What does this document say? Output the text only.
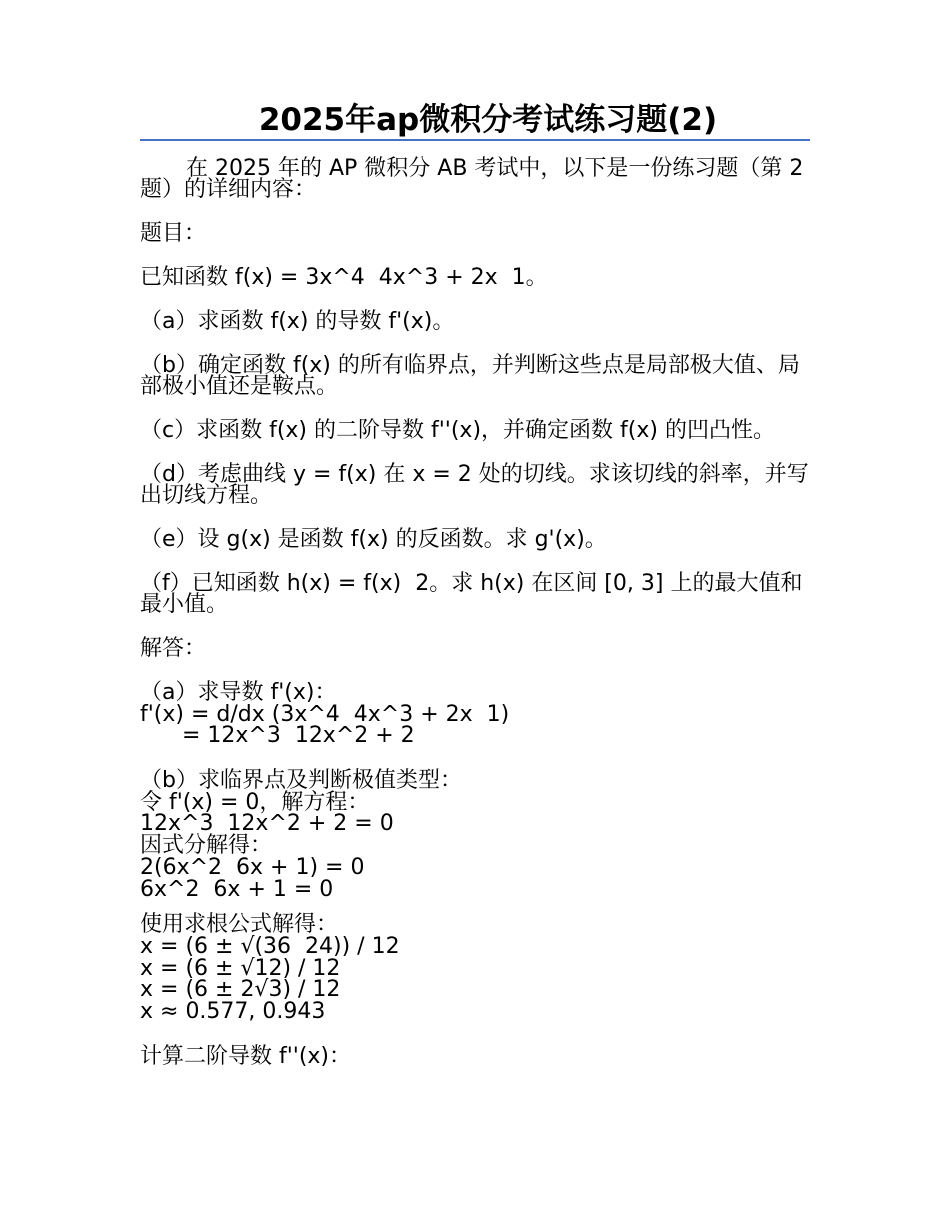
2025年ap微积分考试练习题(2)
在 2025 年的 AP 微积分 AB 考试中，以下是一份练习题（第 2 题）的详细内容：
题目：
已知函数 f(x) = 3x^4  4x^3 + 2x  1。
（a）求函数 f(x) 的导数 f'(x)。
（b）确定函数 f(x) 的所有临界点，并判断这些点是局部极大值、局部极小值还是鞍点。
（c）求函数 f(x) 的二阶导数 f''(x)，并确定函数 f(x) 的凹凸性。
（d）考虑曲线 y = f(x) 在 x = 2 处的切线。求该切线的斜率，并写出切线方程。
（e）设 g(x) 是函数 f(x) 的反函数。求 g'(x)。
（f）已知函数 h(x) = f(x)  2。求 h(x) 在区间 [0, 3] 上的最大值和最小值。
解答：
（a）求导数 f'(x)：
f'(x) = d/dx (3x^4  4x^3 + 2x  1)
= 12x^3  12x^2 + 2
（b）求临界点及判断极值类型：
令 f'(x) = 0，解方程：
12x^3  12x^2 + 2 = 0
因式分解得：
2(6x^2  6x + 1) = 0
6x^2  6x + 1 = 0
使用求根公式解得：
x = (6 ± √(36  24)) / 12
x = (6 ± √12) / 12
x = (6 ± 2√3) / 12
x ≈ 0.577, 0.943
计算二阶导数 f''(x)：
